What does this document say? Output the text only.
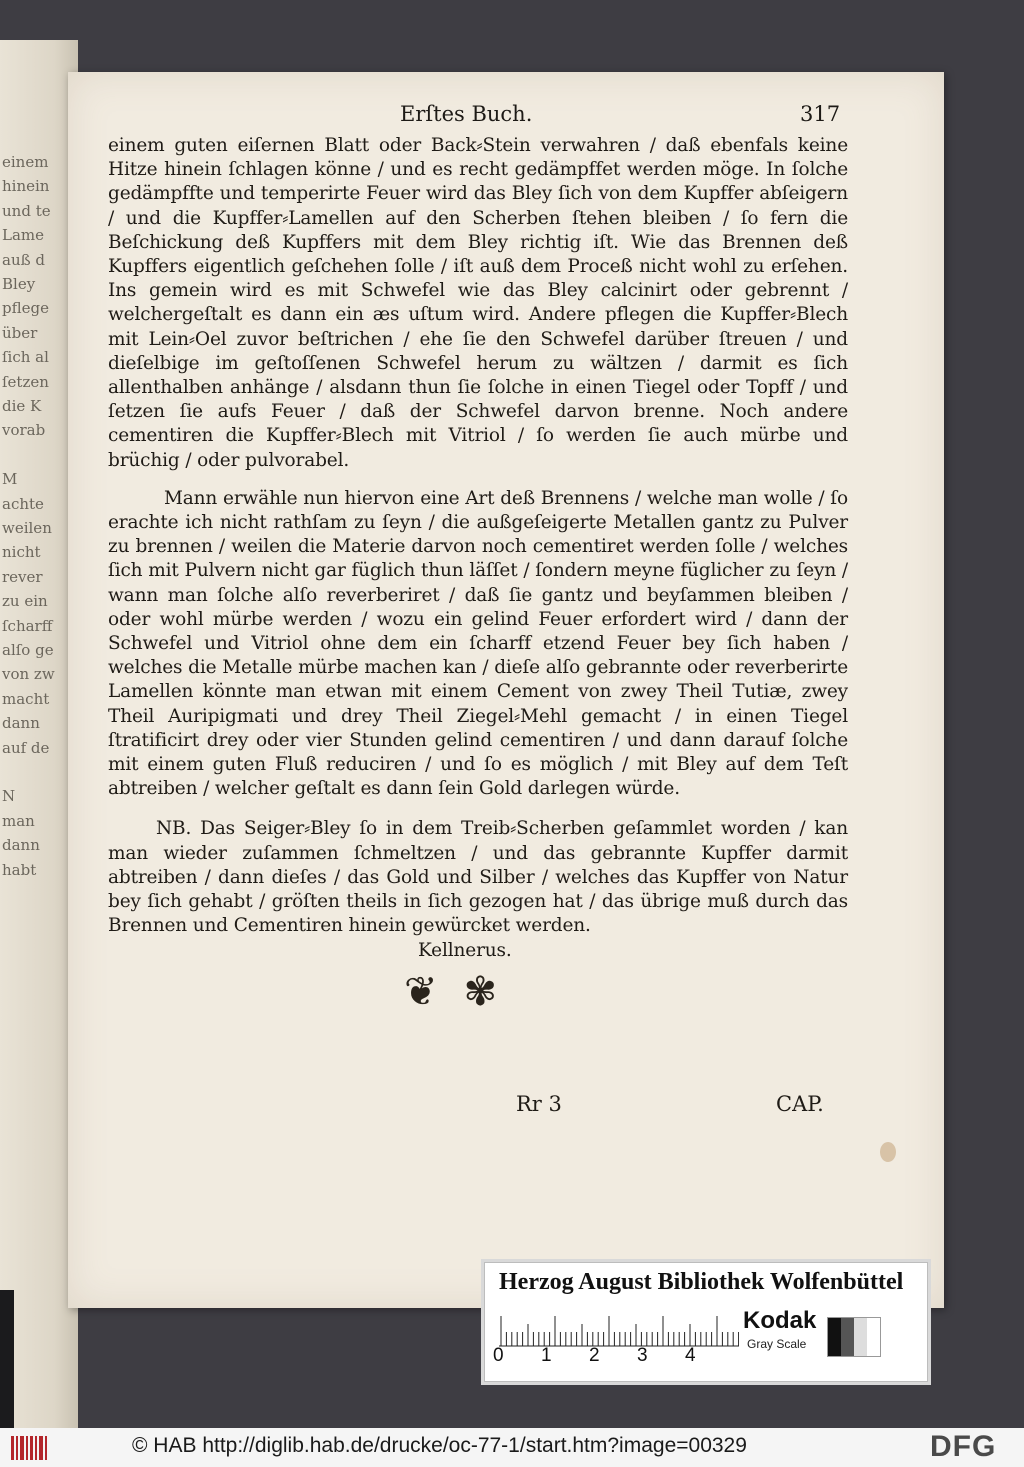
einem
hinein
und te
Lame
auß d
Bley
pflege
über
ſich al
ſetzen
die K
vorab
M
achte
weilen
nicht
rever
zu ein
ſcharff
alſo ge
von zw
macht
dann
auf de
N
man
dann
habt
Erſtes Buch.	317

einem guten eiſernen Blatt oder Back⸗Stein verwahren / daß ebenfals keine Hitze hinein ſchlagen könne / und es recht gedämpffet werden möge. In ſolche gedämpffte und temperirte Feuer wird das Bley ſich von dem Kupffer abſeigern / und die Kupffer⸗Lamellen auf den Scherben ſtehen bleiben / ſo fern die Beſchickung deß Kupffers mit dem Bley richtig iſt. Wie das Brennen deß Kupffers eigentlich geſchehen ſolle / iſt auß dem Proceß nicht wohl zu erſehen. Ins gemein wird es mit Schwefel wie das Bley calcinirt oder gebrennt / welchergeſtalt es dann ein æs uſtum wird. Andere pflegen die Kupffer⸗Blech mit Lein⸗Oel zuvor beſtrichen / ehe ſie den Schwefel darüber ſtreuen / und dieſelbige im geſtoſſenen Schwefel herum zu wältzen / darmit es ſich allenthalben anhänge / alsdann thun ſie ſolche in einen Tiegel oder Topff / und ſetzen ſie aufs Feuer / daß der Schwefel darvon brenne. Noch andere cementiren die Kupffer⸗Blech mit Vitriol / ſo werden ſie auch mürbe und brüchig / oder pulvorabel.

Mann erwähle nun hiervon eine Art deß Brennens / welche man wolle / ſo erachte ich nicht rathſam zu ſeyn / die außgeſeigerte Metallen gantz zu Pulver zu brennen / weilen die Materie darvon noch cementiret werden ſolle / welches ſich mit Pulvern nicht gar füglich thun läſſet / ſondern meyne füglicher zu ſeyn / wann man ſolche alſo reverberiret / daß ſie gantz und beyſammen bleiben / oder wohl mürbe werden / wozu ein gelind Feuer erfordert wird / dann der Schwefel und Vitriol ohne dem ein ſcharff etzend Feuer bey ſich haben / welches die Metalle mürbe machen kan / dieſe alſo gebrannte oder reverberirte Lamellen könnte man etwan mit einem Cement von zwey Theil Tutiæ, zwey Theil Auripigmati und drey Theil Ziegel⸗Mehl gemacht / in einen Tiegel ſtratificirt drey oder vier Stunden gelind cementiren / und dann darauf ſolche mit einem guten Fluß reduciren / und ſo es möglich / mit Bley auf dem Teſt abtreiben / welcher geſtalt es dann ſein Gold darlegen würde.

NB. Das Seiger⸗Bley ſo in dem Treib⸗Scherben geſammlet worden / kan man wieder zuſammen ſchmeltzen / und das gebrannte Kupffer darmit abtreiben / dann dieſes / das Gold und Silber / welches das Kupffer von Natur bey ſich gehabt / gröſten theils in ſich gezogen hat / das übrige muß durch das Brennen und Cementiren hinein gewürcket werden.

Kellnerus.

❦ ✾
Rr 3	CAP.
Herzog August Bibliothek Wolfenbüttel
0	1	2	3	4
Kodak
Gray Scale
© HAB http://diglib.hab.de/drucke/oc-77-1/start.htm?image=00329	DFG
